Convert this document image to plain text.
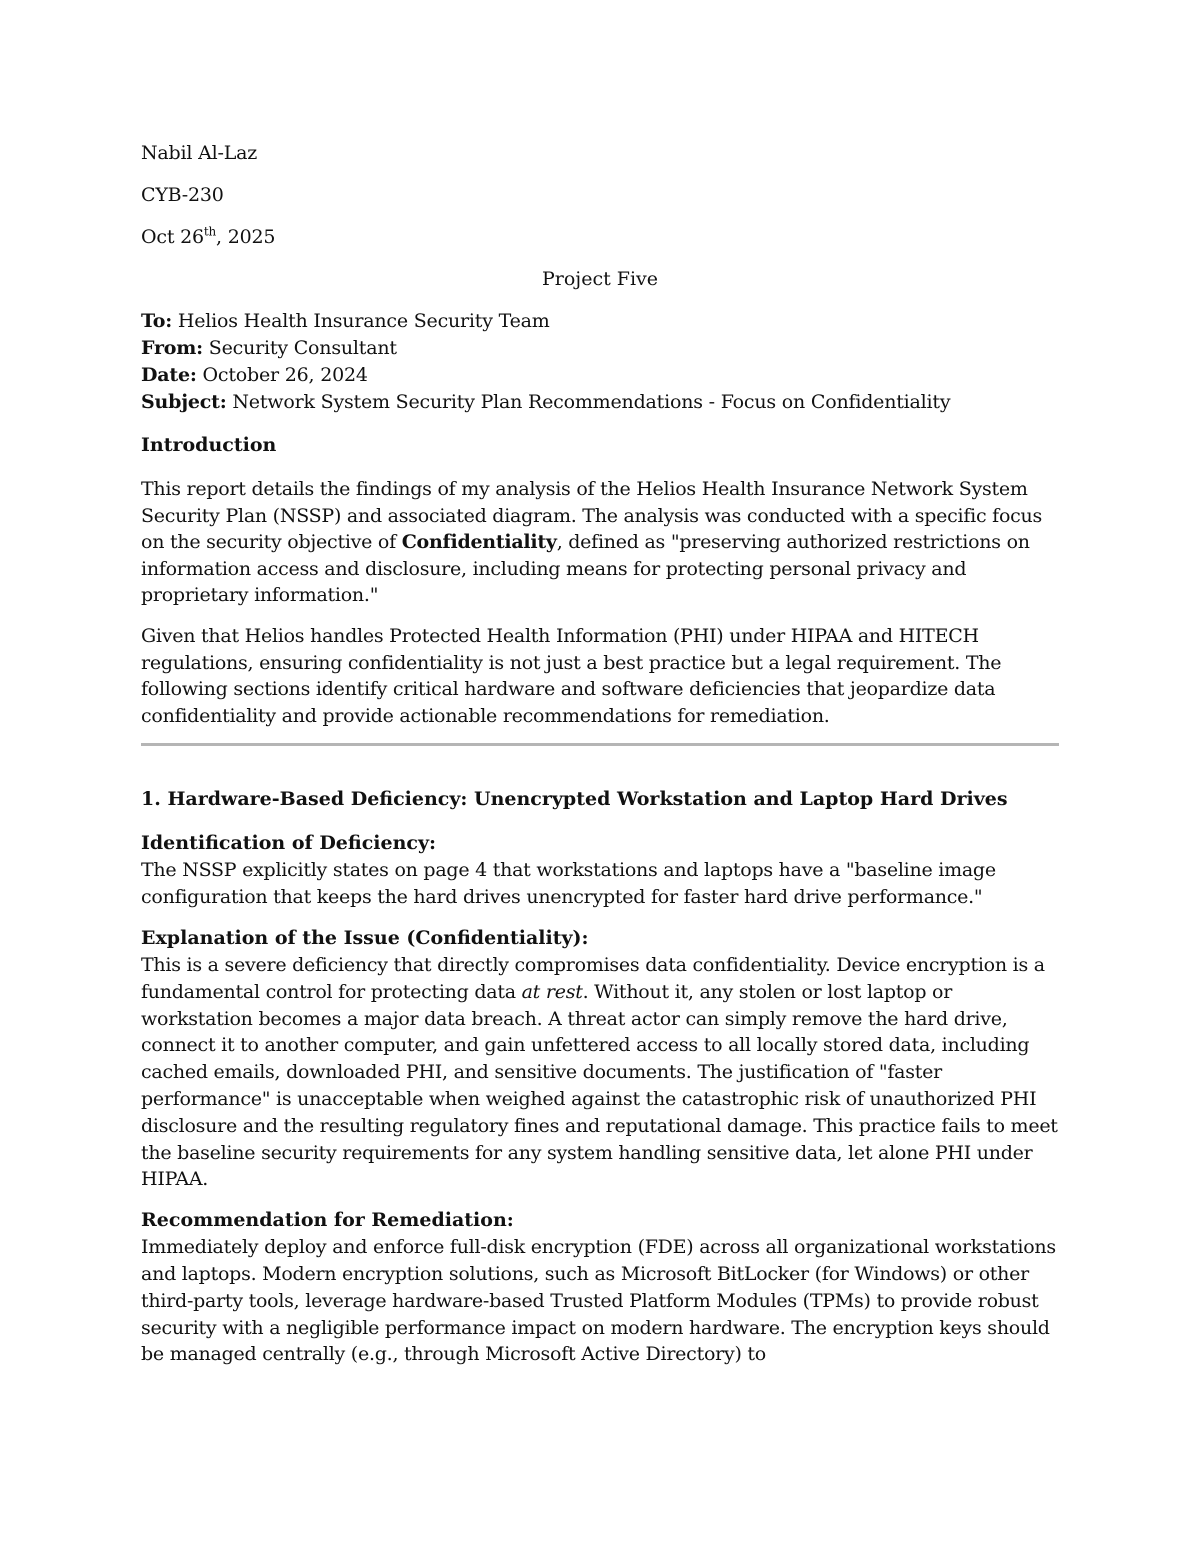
Nabil Al-Laz
CYB-230
Oct 26th, 2025
Project Five
To: Helios Health Insurance Security Team
From: Security Consultant
Date: October 26, 2024
Subject: Network System Security Plan Recommendations - Focus on Confidentiality
Introduction

This report details the findings of my analysis of the Helios Health Insurance Network System Security Plan (NSSP) and associated diagram. The analysis was conducted with a specific focus on the security objective of Confidentiality, defined as "preserving authorized restrictions on information access and disclosure, including means for protecting personal privacy and proprietary information."

Given that Helios handles Protected Health Information (PHI) under HIPAA and HITECH regulations, ensuring confidentiality is not just a best practice but a legal requirement. The following sections identify critical hardware and software deficiencies that jeopardize data confidentiality and provide actionable recommendations for remediation.

1. Hardware-Based Deficiency: Unencrypted Workstation and Laptop Hard Drives
Identification of Deficiency:

The NSSP explicitly states on page 4 that workstations and laptops have a "baseline image configuration that keeps the hard drives unencrypted for faster hard drive performance."

Explanation of the Issue (Confidentiality):

This is a severe deficiency that directly compromises data confidentiality. Device encryption is a fundamental control for protecting data at rest. Without it, any stolen or lost laptop or workstation becomes a major data breach. A threat actor can simply remove the hard drive, connect it to another computer, and gain unfettered access to all locally stored data, including cached emails, downloaded PHI, and sensitive documents. The justification of "faster performance" is unacceptable when weighed against the catastrophic risk of unauthorized PHI disclosure and the resulting regulatory fines and reputational damage. This practice fails to meet the baseline security requirements for any system handling sensitive data, let alone PHI under HIPAA.

Recommendation for Remediation:

Immediately deploy and enforce full-disk encryption (FDE) across all organizational workstations and laptops. Modern encryption solutions, such as Microsoft BitLocker (for Windows) or other third-party tools, leverage hardware-based Trusted Platform Modules (TPMs) to provide robust security with a negligible performance impact on modern hardware. The encryption keys should be managed centrally (e.g., through Microsoft Active Directory) to
